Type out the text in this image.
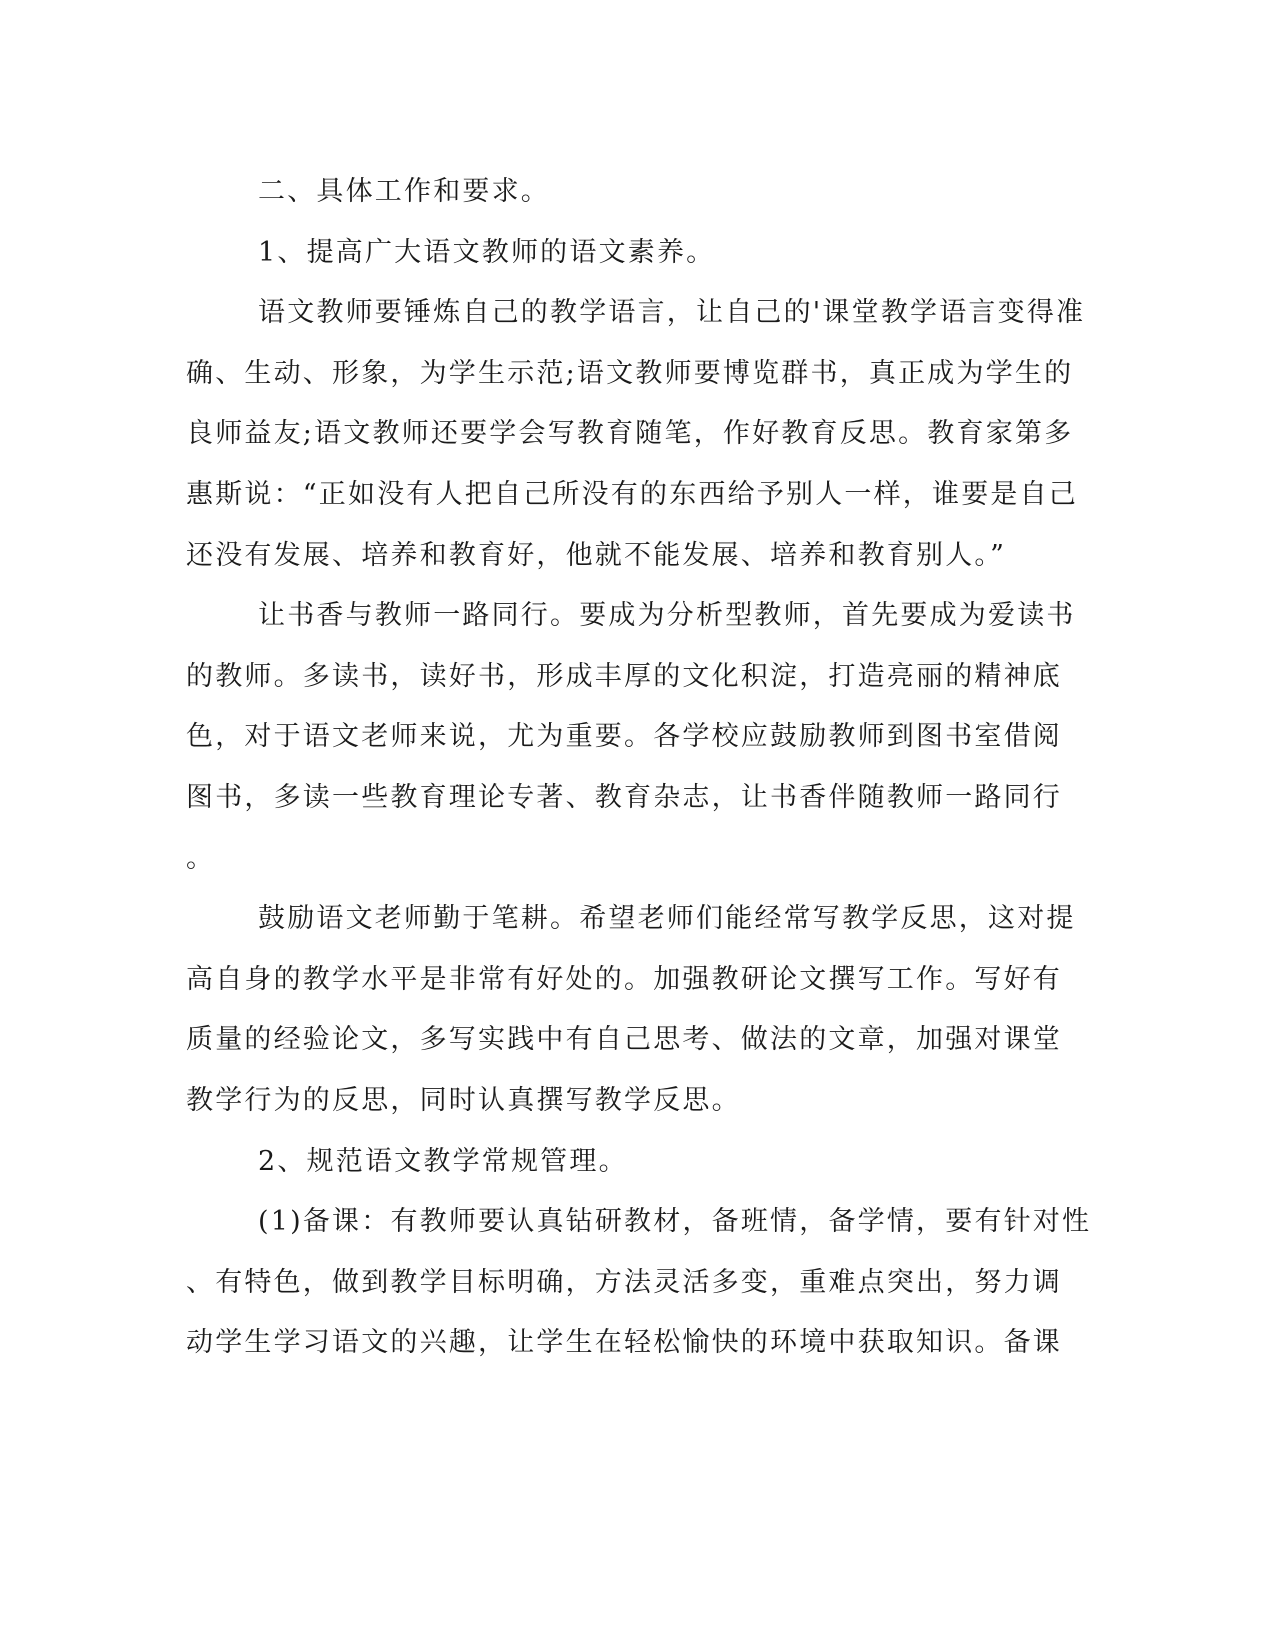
二、具体工作和要求。
1、提高广大语文教师的语文素养。
语文教师要锤炼自己的教学语言，让自己的'课堂教学语言变得准
确、生动、形象，为学生示范;语文教师要博览群书，真正成为学生的
良师益友;语文教师还要学会写教育随笔，作好教育反思。教育家第多
惠斯说：“正如没有人把自己所没有的东西给予别人一样，谁要是自己
还没有发展、培养和教育好，他就不能发展、培养和教育别人。”
让书香与教师一路同行。要成为分析型教师，首先要成为爱读书
的教师。多读书，读好书，形成丰厚的文化积淀，打造亮丽的精神底
色，对于语文老师来说，尤为重要。各学校应鼓励教师到图书室借阅
图书，多读一些教育理论专著、教育杂志，让书香伴随教师一路同行
。
鼓励语文老师勤于笔耕。希望老师们能经常写教学反思，这对提
高自身的教学水平是非常有好处的。加强教研论文撰写工作。写好有
质量的经验论文，多写实践中有自己思考、做法的文章，加强对课堂
教学行为的反思，同时认真撰写教学反思。
2、规范语文教学常规管理。
(1)备课：有教师要认真钻研教材，备班情，备学情，要有针对性
、有特色，做到教学目标明确，方法灵活多变，重难点突出，努力调
动学生学习语文的兴趣，让学生在轻松愉快的环境中获取知识。备课
